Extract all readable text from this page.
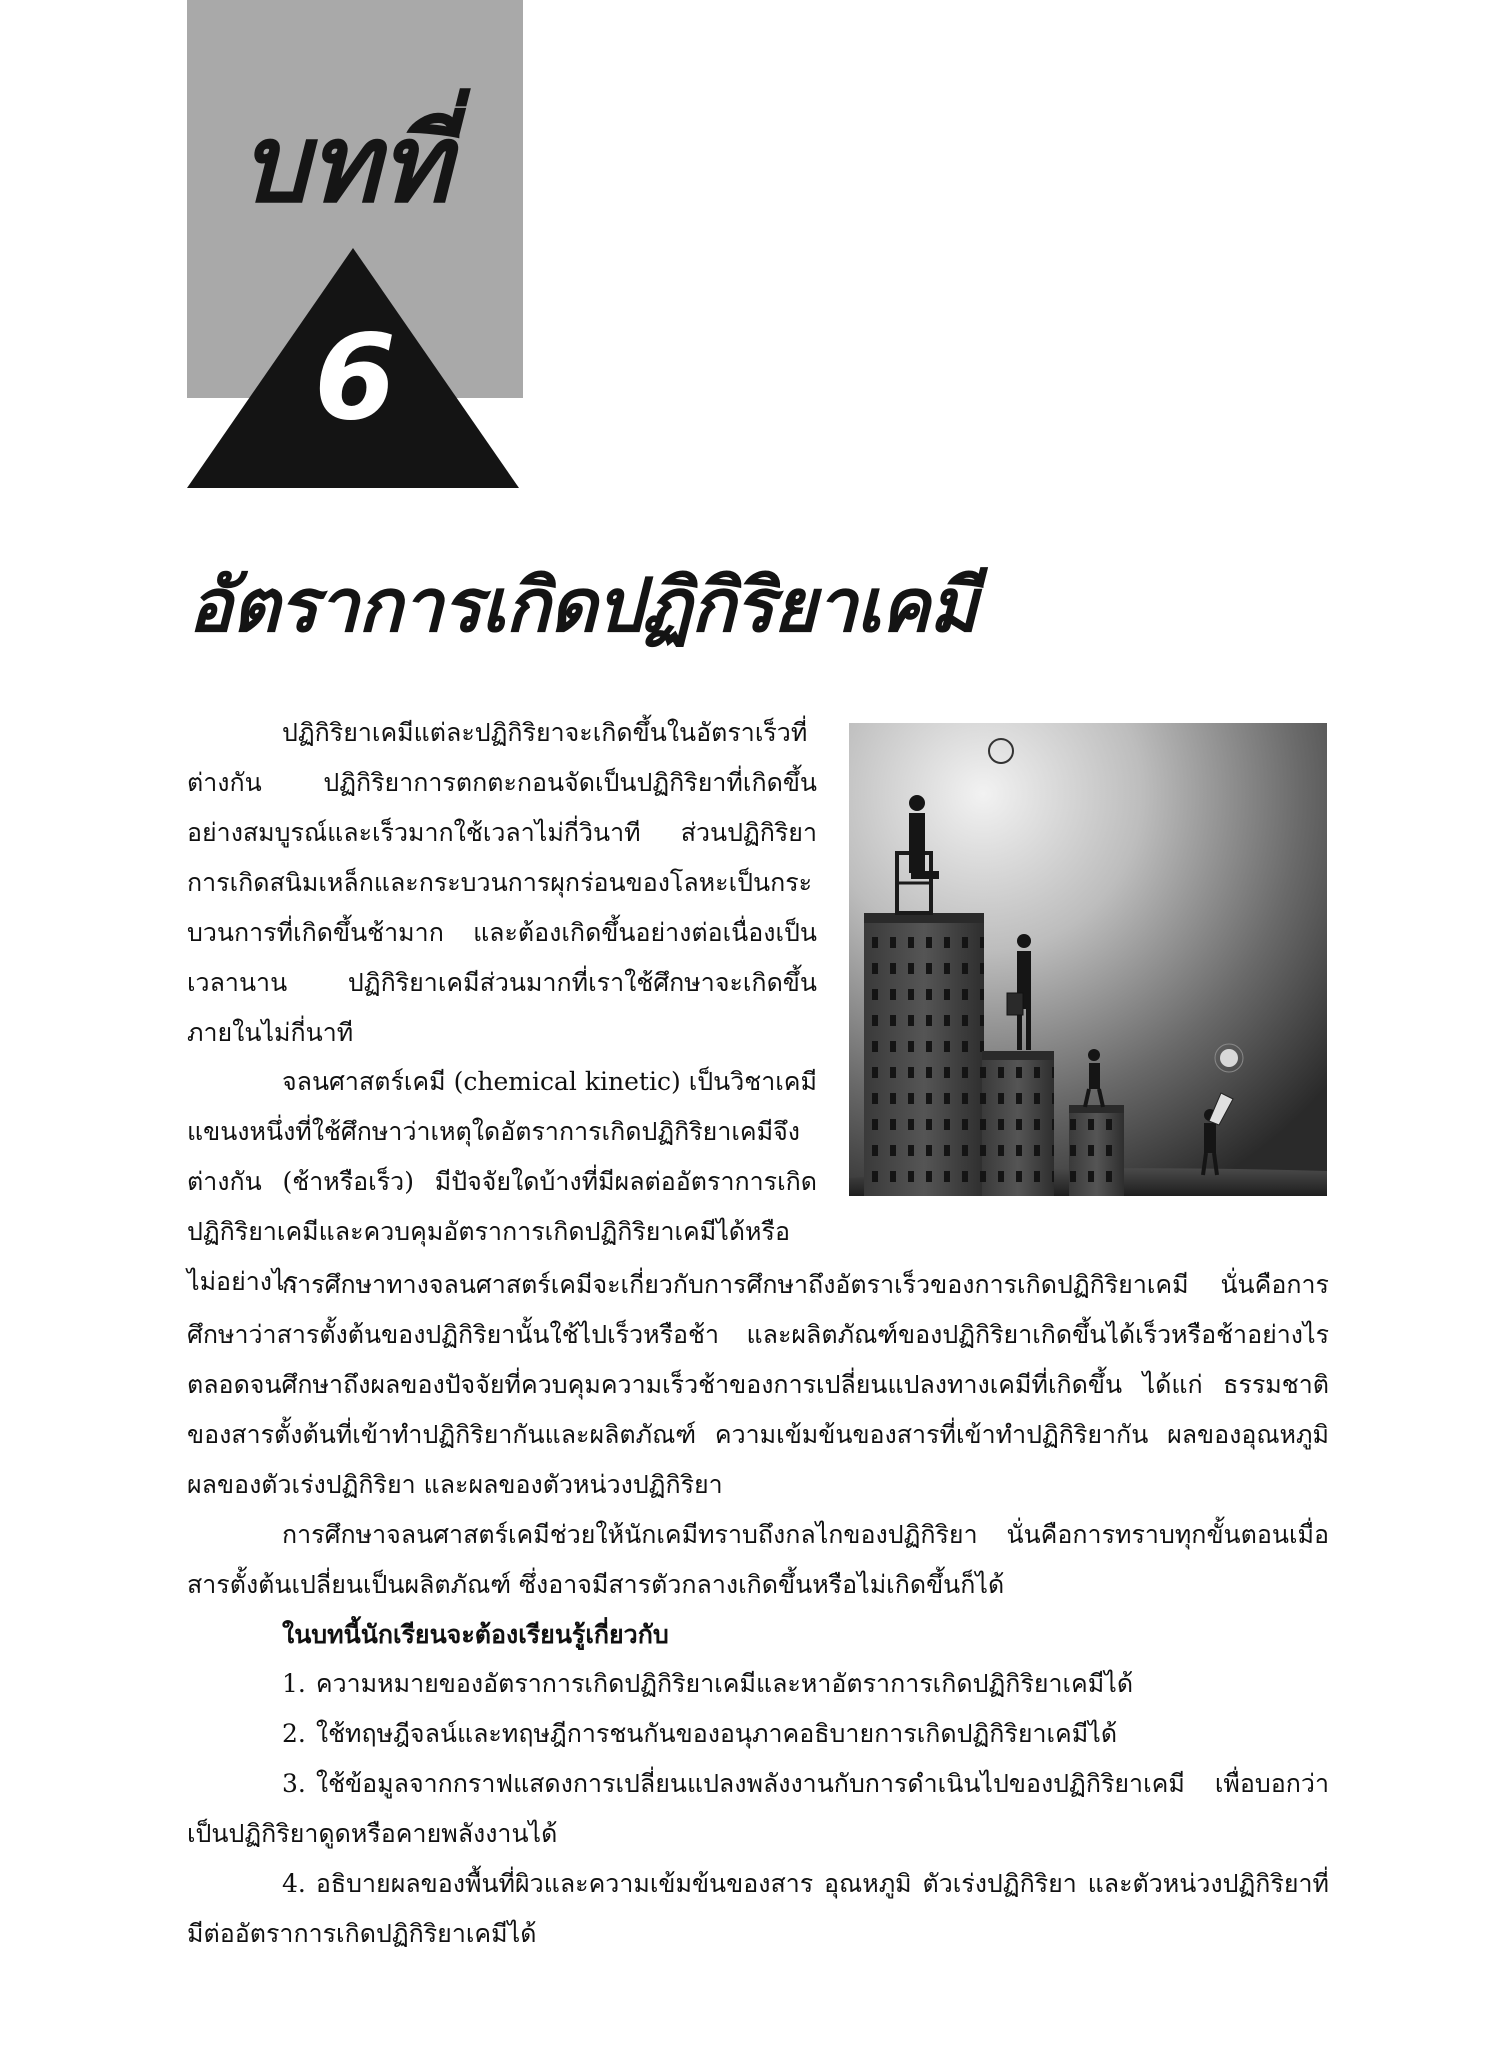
บทที่
6
อัตราการเกิดปฏิกิริยาเคมี

ปฏิกิริยาเคมีแต่ละปฏิกิริยาจะเกิดขึ้นในอัตราเร็วที่ต่างกัน ปฏิกิริยาการตกตะกอนจัดเป็นปฏิกิริยาที่เกิดขึ้นอย่างสมบูรณ์และเร็วมากใช้เวลาไม่กี่วินาที ส่วนปฏิกิริยาการเกิดสนิมเหล็กและกระบวนการผุกร่อนของโลหะเป็นกระบวนการที่เกิดขึ้นช้ามาก และต้องเกิดขึ้นอย่างต่อเนื่องเป็นเวลานาน ปฏิกิริยาเคมีส่วนมากที่เราใช้ศึกษาจะเกิดขึ้นภายในไม่กี่นาที

จลนศาสตร์เคมี (chemical kinetic) เป็นวิชาเคมีแขนงหนึ่งที่ใช้ศึกษาว่าเหตุใดอัตราการเกิดปฏิกิริยาเคมีจึงต่างกัน (ช้าหรือเร็ว) มีปัจจัยใดบ้างที่มีผลต่ออัตราการเกิดปฏิกิริยาเคมีและควบคุมอัตราการเกิดปฏิกิริยาเคมีได้หรือไม่อย่างไร

การศึกษาทางจลนศาสตร์เคมีจะเกี่ยวกับการศึกษาถึงอัตราเร็วของการเกิดปฏิกิริยาเคมี นั่นคือการศึกษาว่าสารตั้งต้นของปฏิกิริยานั้นใช้ไปเร็วหรือช้า และผลิตภัณฑ์ของปฏิกิริยาเกิดขึ้นได้เร็วหรือช้าอย่างไร ตลอดจนศึกษาถึงผลของปัจจัยที่ควบคุมความเร็วช้าของการเปลี่ยนแปลงทางเคมีที่เกิดขึ้น ได้แก่ ธรรมชาติของสารตั้งต้นที่เข้าทำปฏิกิริยากันและผลิตภัณฑ์ ความเข้มข้นของสารที่เข้าทำปฏิกิริยากัน ผลของอุณหภูมิ ผลของตัวเร่งปฏิกิริยา และผลของตัวหน่วงปฏิกิริยา

การศึกษาจลนศาสตร์เคมีช่วยให้นักเคมีทราบถึงกลไกของปฏิกิริยา นั่นคือการทราบทุกขั้นตอนเมื่อสารตั้งต้นเปลี่ยนเป็นผลิตภัณฑ์ ซึ่งอาจมีสารตัวกลางเกิดขึ้นหรือไม่เกิดขึ้นก็ได้

ในบทนี้นักเรียนจะต้องเรียนรู้เกี่ยวกับ

1. ความหมายของอัตราการเกิดปฏิกิริยาเคมีและหาอัตราการเกิดปฏิกิริยาเคมีได้
2. ใช้ทฤษฎีจลน์และทฤษฎีการชนกันของอนุภาคอธิบายการเกิดปฏิกิริยาเคมีได้
3. ใช้ข้อมูลจากกราฟแสดงการเปลี่ยนแปลงพลังงานกับการดำเนินไปของปฏิกิริยาเคมี เพื่อบอกว่าเป็นปฏิกิริยาดูดหรือคายพลังงานได้
4. อธิบายผลของพื้นที่ผิวและความเข้มข้นของสาร อุณหภูมิ ตัวเร่งปฏิกิริยา และตัวหน่วงปฏิกิริยาที่มีต่ออัตราการเกิดปฏิกิริยาเคมีได้
